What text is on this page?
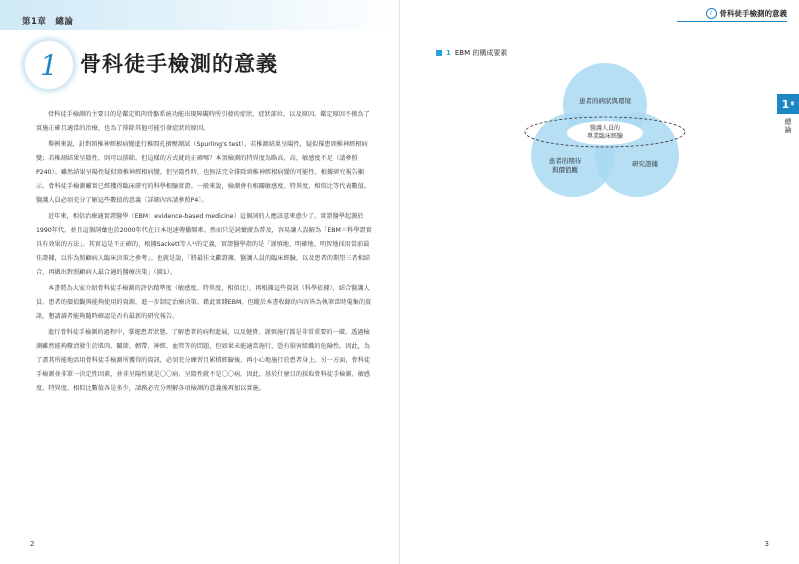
第1章　總論
1 骨科徒手檢測的意義

骨科徒手檢測的主要目的是鑑定肌肉骨骼系統功能出現障礙時所引發的症狀、症狀部位，以及原因。鑑定原因不僅為了實施正確且適當的治療，也為了排除其他可能引發症狀的原因。

舉例來說，針對頸椎神經根病變進行椎間孔擠壓測試（Spurling's test）。若椎測結果呈陽性，疑似罹患頸椎神經根病變；若椎測結果呈陰性，則可以排除。但這樣的方式就的正確嗎？本頂檢測的特異度為略高、高，敏感度不足（請參照P240）。雖然結果呈陽性疑似頸椎神經根病變，但呈陰性時，也無法完全排除頸椎神經根病變的可能性。根據研究報告顯示，骨科徒手檢測雖實已經獲得臨床研究的科學根驗實證。一般來說，檢測會有相關敏感度、特異度、相似比等代表數值。醫護人員必須充分了解這些數值的意義〔詳細內容請參照P4〕。

近年來，相信治療適實證醫學（EBM：evidence-based medicine）這個詞的人應該意來愈少了。實證醫學起源於1990年代，並且這個詞彙也於2000年代在日本迅速傳播開來。然而只是詞彙廣為普及，容易讓人誤解為「EBM＝科學證實具有效果的方法」。其實這是不正確的，根據Sackett等人¹⁾的定義，實證醫學指的是「謹慎地、明確地、明智地採用當前最佳證據，以作為照顧病人臨床決策之參考」。也就是說，「將最佳文獻證據、醫護人員的臨床經驗，以及患者的期望三者相結合，再做出對照顧病人最合適的醫療決策」（圖1）。

本書將為大家介紹骨科徒手檢測的評估精準度（敏感度、特異度、相似比），再根據這些資訊（科學依據），結合醫護人員、患者的價值觀與能夠使用的資源，進一步制定治療決策。藉此實踐EBM。但縱於本書收錄的內容皆為執筆當時蒐集的資訊，懇請讀者能夠隨時確認是否有最新的研究報告。

進行骨科徒手檢測的過程中，掌握患者狀態，了解患者的病程進展，以及健貴、謹慎施行都是非常重要的一環。透過檢測雖然能夠釐清發生於肌肉、關節、韌帶、神經、血管等的問題，但如果未能適當施行，恐有損害組織的危險性。因此，為了盡其所能地活用骨科徒手檢測所獲得的資訊，必須充分練習且累積經驗後，再小心地施行於患者身上。另一方面，骨科徒手檢測並非單一決定性因素，並非呈陽性就是〇〇病，呈陰性就不是〇〇病。因此，基於什麼目的採取骨科徒手檢測、敏感度、特異度、相似比數值各是多少，請務必充分理解各項檢測的意義後再加以實施。

2
i	骨科徒手檢測的意義
1 EBM 的構成要素
患者的病狀與環境
醫護人員的
專業臨床經驗
患者的期待
與價值觀
研究證據
1 章
總論
3
